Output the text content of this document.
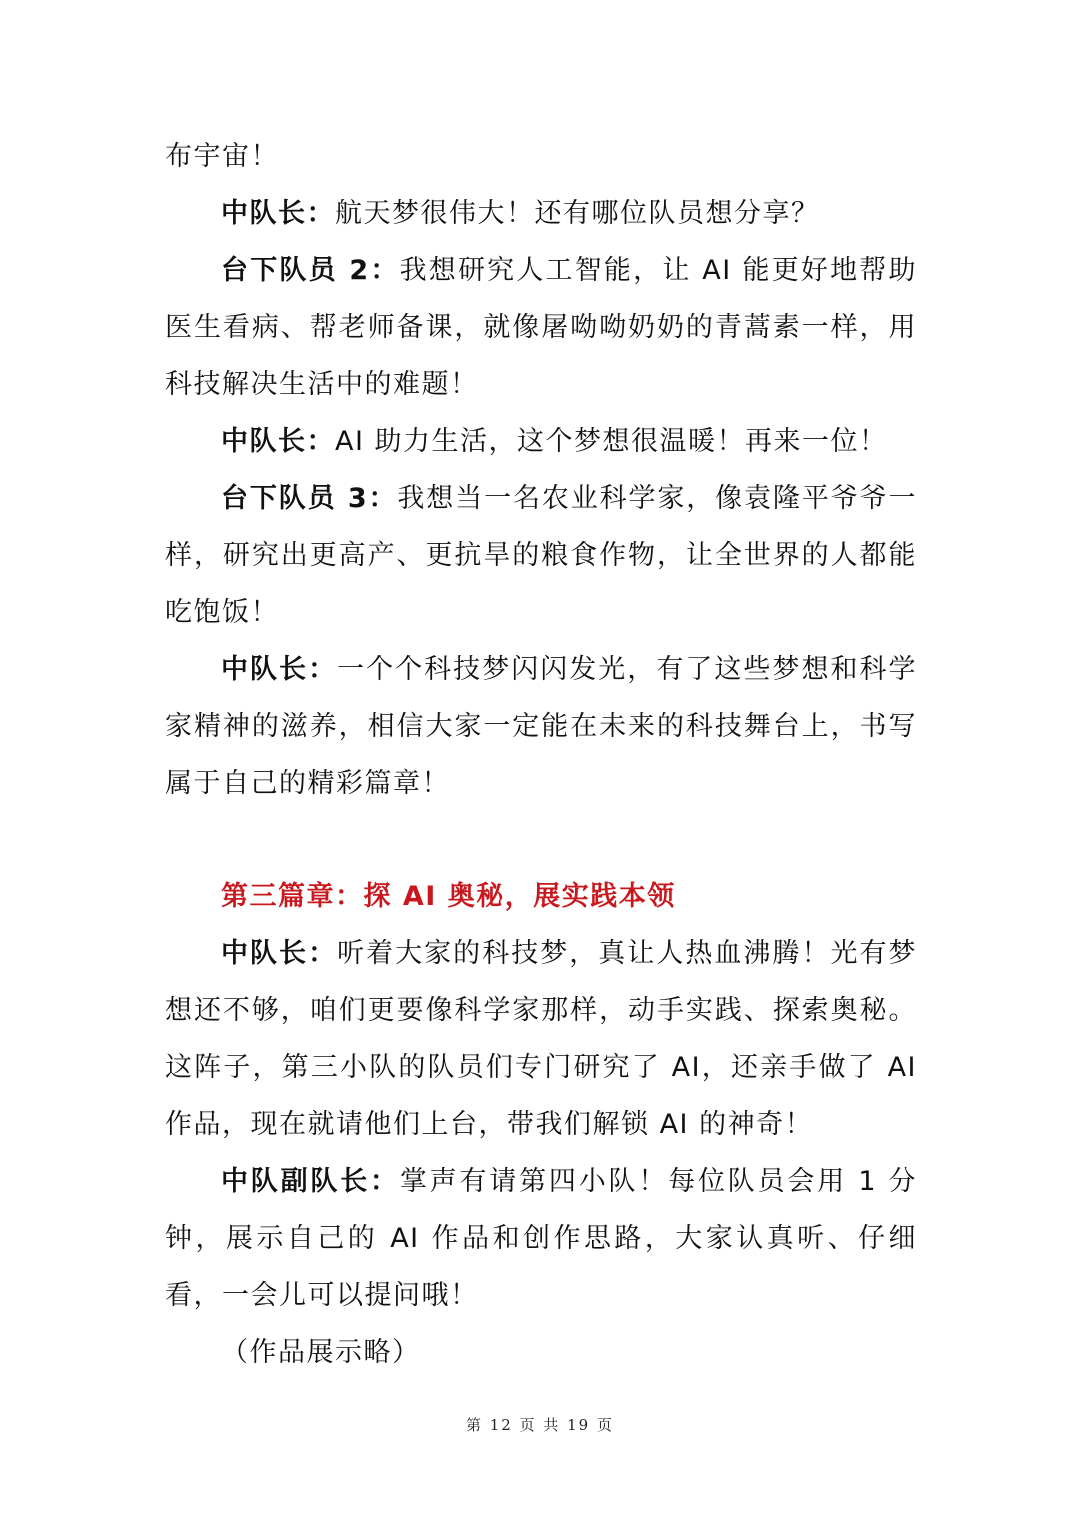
布宇宙！

中队长：航天梦很伟大！还有哪位队员想分享？

台下队员 2：我想研究人工智能，让 AI 能更好地帮助医生看病、帮老师备课，就像屠呦呦奶奶的青蒿素一样，用科技解决生活中的难题！

中队长：AI 助力生活，这个梦想很温暖！再来一位！

台下队员 3：我想当一名农业科学家，像袁隆平爷爷一样，研究出更高产、更抗旱的粮食作物，让全世界的人都能吃饱饭！

中队长：一个个科技梦闪闪发光，有了这些梦想和科学家精神的滋养，相信大家一定能在未来的科技舞台上，书写属于自己的精彩篇章！

第三篇章：探 AI 奥秘，展实践本领

中队长：听着大家的科技梦，真让人热血沸腾！光有梦想还不够，咱们更要像科学家那样，动手实践、探索奥秘。这阵子，第三小队的队员们专门研究了 AI，还亲手做了 AI 作品，现在就请他们上台，带我们解锁 AI 的神奇！

中队副队长：掌声有请第四小队！每位队员会用 1 分钟，展示自己的 AI 作品和创作思路，大家认真听、仔细看，一会儿可以提问哦！

（作品展示略）

第 12 页 共 19 页
